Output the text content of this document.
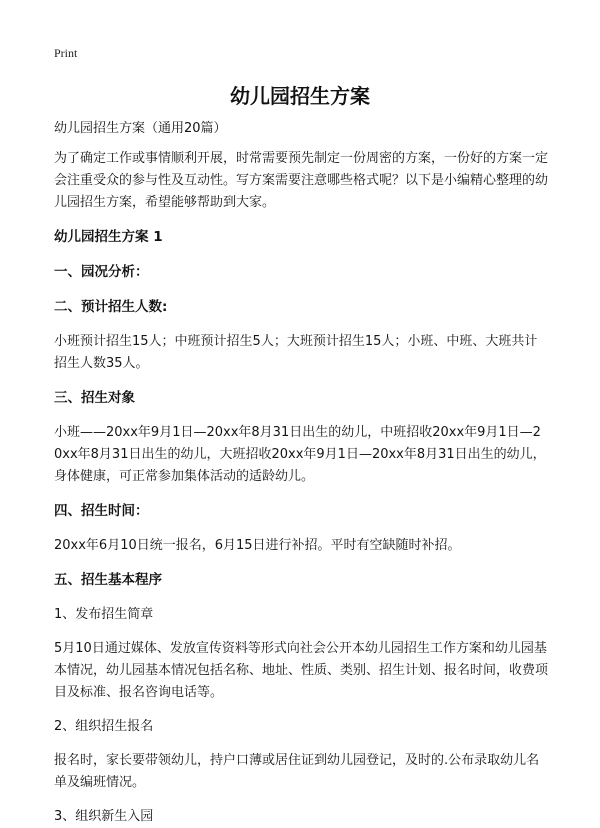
Print
幼儿园招生方案

幼儿园招生方案（通用20篇）

为了确定工作或事情顺利开展，时常需要预先制定一份周密的方案，一份好的方案一定会注重受众的参与性及互动性。写方案需要注意哪些格式呢？以下是小编精心整理的幼儿园招生方案，希望能够帮助到大家。

幼儿园招生方案 1

一、园况分析：

二、预计招生人数:

小班预计招生15人；中班预计招生5人；大班预计招生15人；小班、中班、大班共计招生人数35人。

三、招生对象

小班——20xx年9月1日—20xx年8月31日出生的幼儿，中班招收20xx年9月1日—20xx年8月31日出生的幼儿，大班招收20xx年9月1日—20xx年8月31日出生的幼儿，身体健康，可正常参加集体活动的适龄幼儿。

四、招生时间：

20xx年6月10日统一报名，6月15日进行补招。平时有空缺随时补招。

五、招生基本程序

1、发布招生简章

5月10日通过媒体、发放宣传资料等形式向社会公开本幼儿园招生工作方案和幼儿园基本情况，幼儿园基本情况包括名称、地址、性质、类别、招生计划、报名时间，收费项目及标准、报名咨询电话等。

2、组织招生报名

报名时，家长要带领幼儿，持户口薄或居住证到幼儿园登记，及时的.公布录取幼儿名单及编班情况。

3、组织新生入园
